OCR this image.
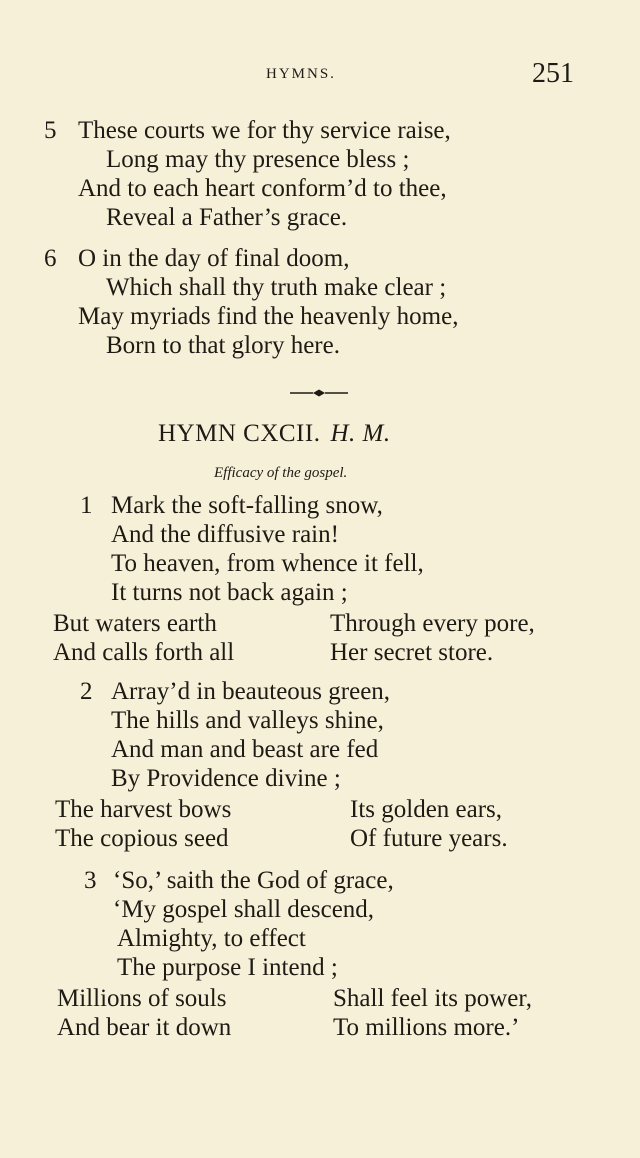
HYMNS.	251
5 These courts we for thy service raise,
Long may thy presence bless ;
And to each heart conform’d to thee,
Reveal a Father’s grace.
6 O in the day of final doom,
Which shall thy truth make clear ;
May myriads find the heavenly home,
Born to that glory here.
HYMN CXCII. H. M.
Efficacy of the gospel.
1 Mark the soft-falling snow,
And the diffusive rain!
To heaven, from whence it fell,
It turns not back again ;
But waters earth	Through every pore,
And calls forth all	Her secret store.
2 Array’d in beauteous green,
The hills and valleys shine,
And man and beast are fed
By Providence divine ;
The harvest bows	Its golden ears,
The copious seed	Of future years.
3 ‘So,’ saith the God of grace,
‘My gospel shall descend,
Almighty, to effect
The purpose I intend ;
Millions of souls	Shall feel its power,
And bear it down	To millions more.’
